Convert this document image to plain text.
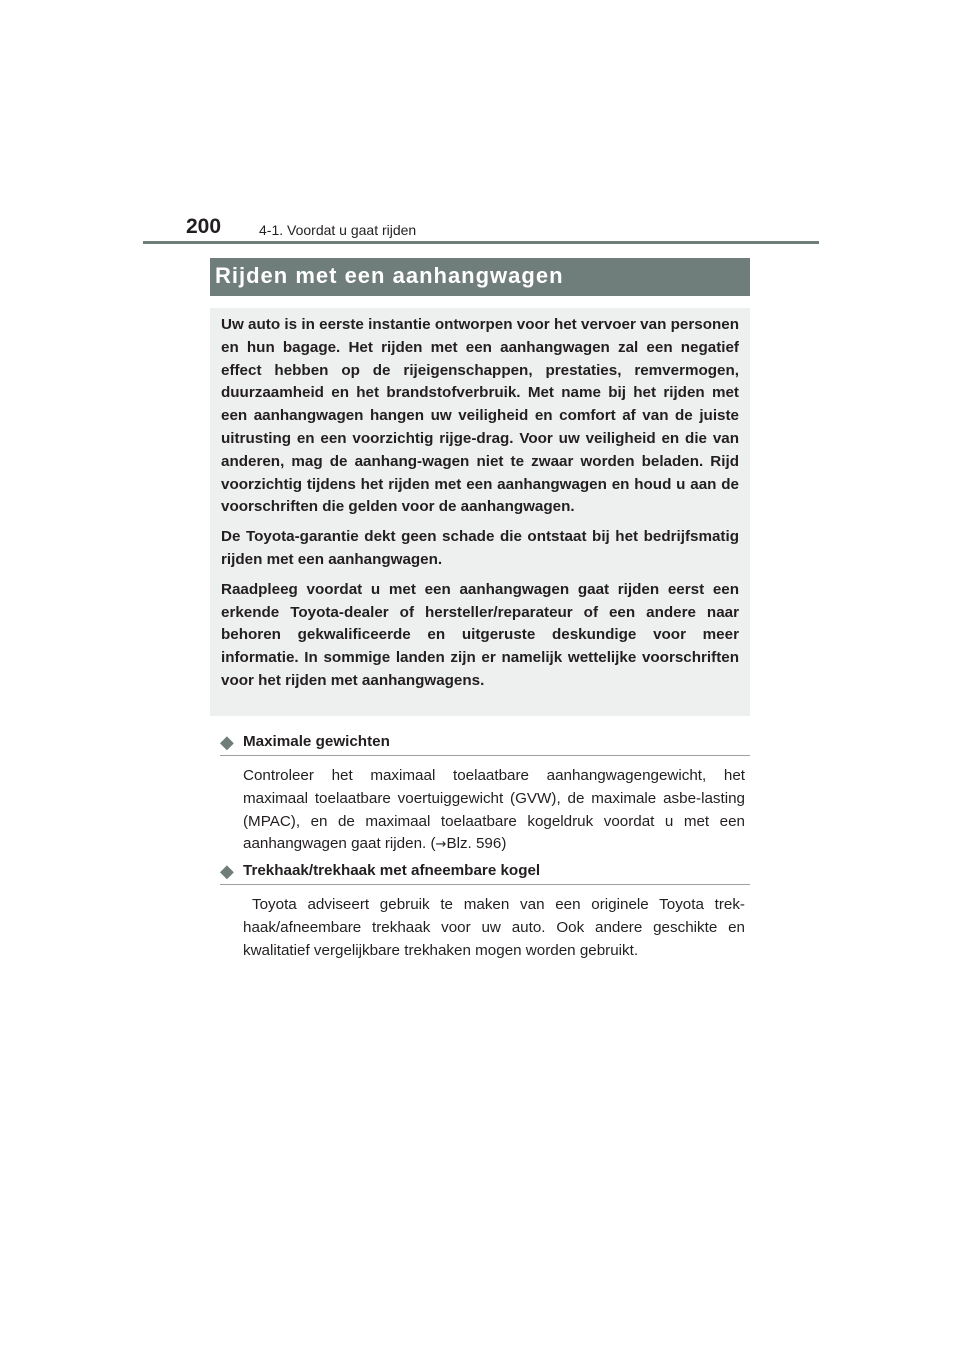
200	4-1. Voordat u gaat rijden
Rijden met een aanhangwagen

Uw auto is in eerste instantie ontworpen voor het vervoer van personen en hun bagage. Het rijden met een aanhangwagen zal een negatief effect hebben op de rijeigenschappen, prestaties, remvermogen, duurzaamheid en het brandstofverbruik. Met name bij het rijden met een aanhangwagen hangen uw veiligheid en comfort af van de juiste uitrusting en een voorzichtig rijge-drag. Voor uw veiligheid en die van anderen, mag de aanhang-wagen niet te zwaar worden beladen. Rijd voorzichtig tijdens het rijden met een aanhangwagen en houd u aan de voorschriften die gelden voor de aanhangwagen.

De Toyota-garantie dekt geen schade die ontstaat bij het bedrijfsmatig rijden met een aanhangwagen.

Raadpleeg voordat u met een aanhangwagen gaat rijden eerst een erkende Toyota-dealer of hersteller/reparateur of een andere naar behoren gekwalificeerde en uitgeruste deskundige voor meer informatie. In sommige landen zijn er namelijk wettelijke voorschriften voor het rijden met aanhangwagens.

◆ Maximale gewichten

Controleer het maximaal toelaatbare aanhangwagengewicht, het maximaal toelaatbare voertuiggewicht (GVW), de maximale asbe-lasting (MPAC), en de maximaal toelaatbare kogeldruk voordat u met een aanhangwagen gaat rijden. (→Blz. 596)

◆ Trekhaak/trekhaak met afneembare kogel

Toyota adviseert gebruik te maken van een originele Toyota trek-haak/afneembare trekhaak voor uw auto. Ook andere geschikte en kwalitatief vergelijkbare trekhaken mogen worden gebruikt.
